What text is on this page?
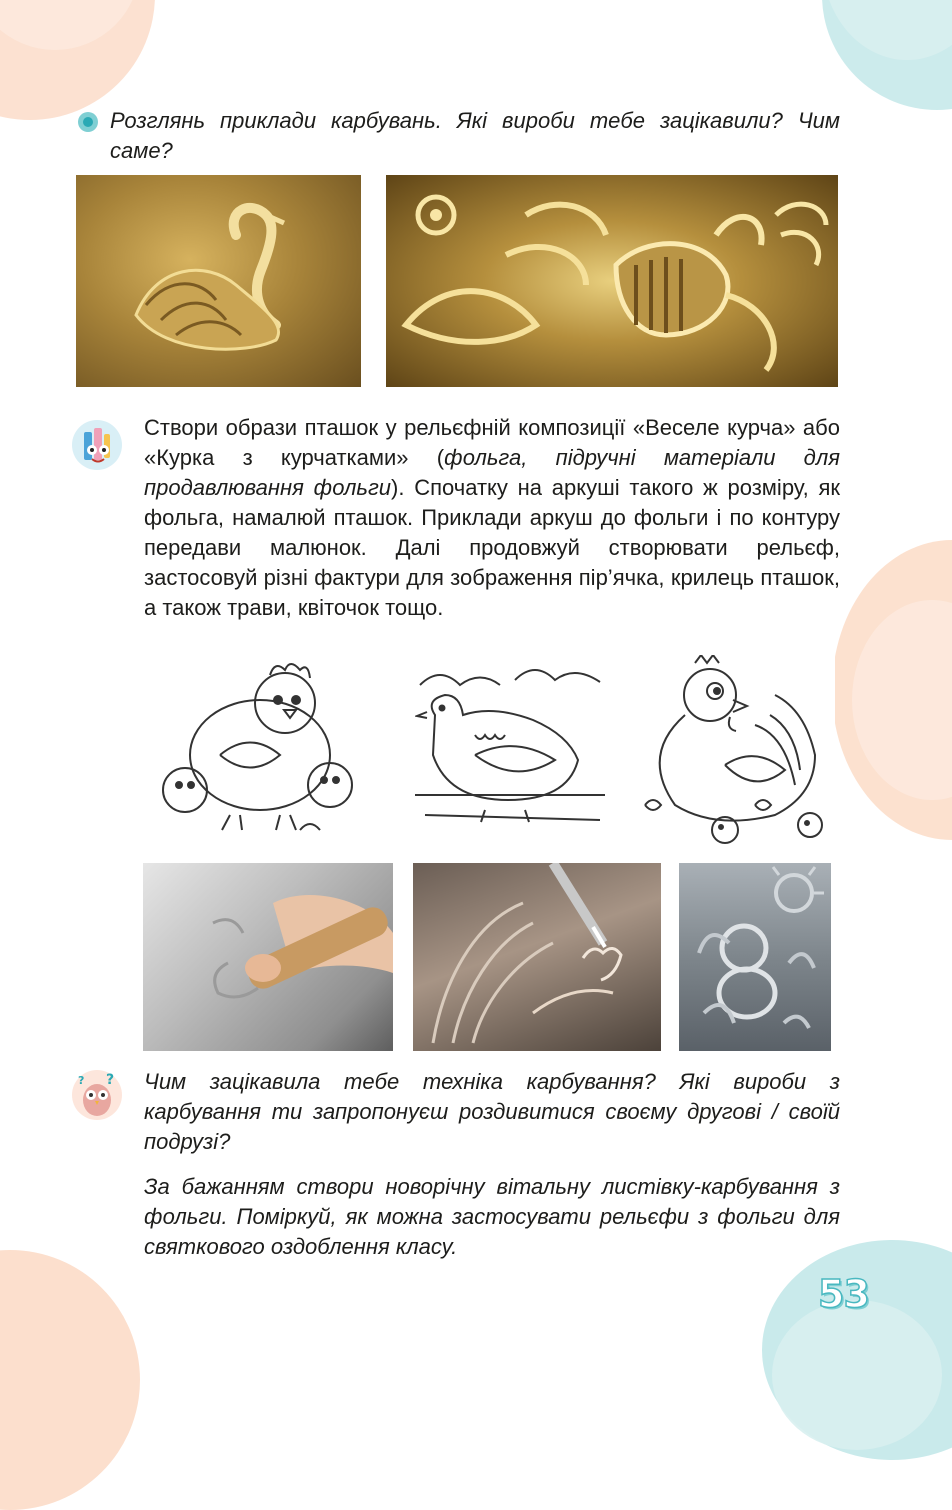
Розглянь приклади карбувань. Які вироби тебе зацікавили? Чим саме?
Створи образи пташок у рельєфній композиції «Веселе курча» або «Курка з курчатками» (фольга, підручні матеріали для продавлювання фольги). Спочатку на аркуші такого ж розміру, як фольга, намалюй пташок. Приклади аркуш до фольги і по контуру передави малюнок. Далі продовжуй створювати рельєф, застосовуй різні фактури для зображення пір’ячка, крилець пташок, а також трави, квіточок тощо.
?
?	Чим зацікавила тебе техніка карбування? Які вироби з карбування ти запропонуєш роздивитися своєму другові / своїй подрузі?
За бажанням створи новорічну вітальну листівку-карбування з фольги. Поміркуй, як можна застосувати рельєфи з фольги для святкового оздоблення класу.
53
